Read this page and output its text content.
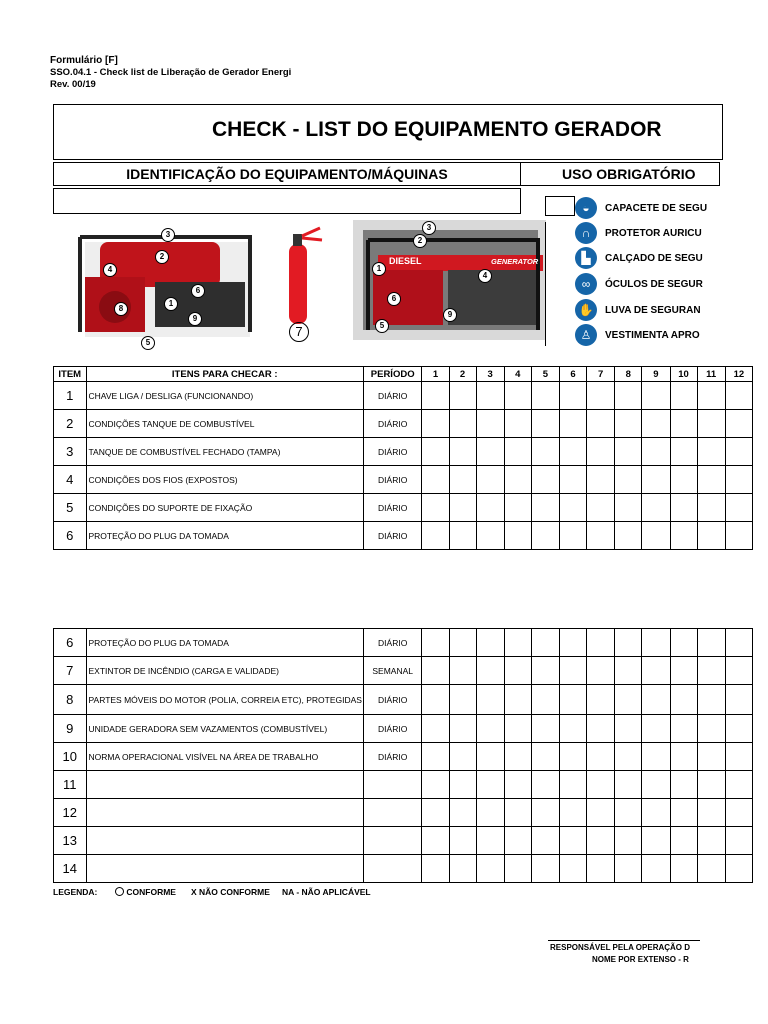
Formulário [F]
SSO.04.1 - Check list de Liberação de Gerador Energi
Rev. 00/19
CHECK - LIST DO EQUIPAMENTO GERADOR
IDENTIFICAÇÃO DO EQUIPAMENTO/MÁQUINAS	USO OBRIGATÓRIO
3
2
4
6
1
8
9
5
7
DIESEL	GENERATOR
3
2
1
4
6
9
5
◒	CAPACETE DE SEGU
∩	PROTETOR AURICU
▙	CALÇADO DE SEGU
∞	ÓCULOS DE SEGUR
✋	LUVA DE SEGURAN
♙	VESTIMENTA APRO
ITEM	ITENS PARA CHECAR :	PERÍODO	1	2	3	4	5	6	7	8	9	10	11	12
1	CHAVE LIGA / DESLIGA (FUNCIONANDO)	DIÁRIO												
2	CONDIÇÕES TANQUE DE COMBUSTÍVEL	DIÁRIO												
3	TANQUE DE COMBUSTÍVEL FECHADO (TAMPA)	DIÁRIO												
4	CONDIÇÕES DOS FIOS (EXPOSTOS)	DIÁRIO												
5	CONDIÇÕES DO SUPORTE DE FIXAÇÃO	DIÁRIO												
6	PROTEÇÃO DO PLUG DA TOMADA	DIÁRIO												
6	PROTEÇÃO DO PLUG DA TOMADA	DIÁRIO												
7	EXTINTOR DE INCÊNDIO (CARGA E VALIDADE)	SEMANAL												
8	PARTES MÓVEIS DO MOTOR (POLIA, CORREIA ETC), PROTEGIDAS	DIÁRIO												
9	UNIDADE GERADORA SEM VAZAMENTOS (COMBUSTÍVEL)	DIÁRIO												
10	NORMA OPERACIONAL VISÍVEL NA ÁREA DE TRABALHO	DIÁRIO												
11														
12														
13														
14														
LEGENDA:	CONFORME X NÃO CONFORME NA - NÃO APLICÁVEL
RESPONSÁVEL PELA OPERAÇÃO D
NOME POR EXTENSO - R
